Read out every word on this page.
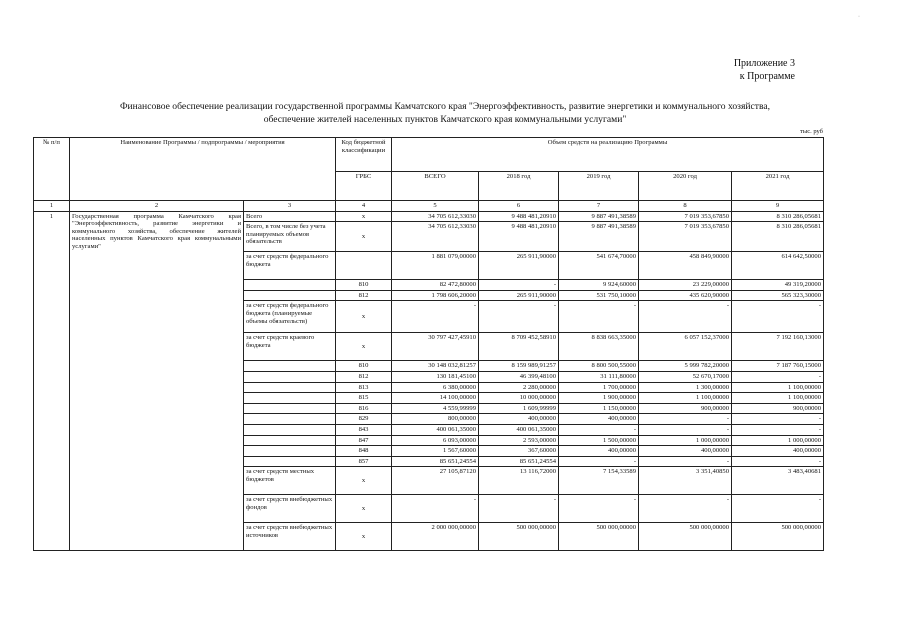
·
Приложение 3
к Программе
Финансовое обеспечение реализации государственной программы Камчатского края "Энергоэффективность, развитие энергетики и коммунального хозяйства,
обеспечение жителей населенных пунктов Камчатского края коммунальными услугами"
тыс. руб
№ п/п	Наименование Программы / подпрограммы / мероприятия		Код бюджетной классификации	Объем средств на реализацию Программы				
			ГРБС	ВСЕГО	2018 год	2019 год	2020 год	2021 год
1	2	3	4	5	6	7	8	9
1	Государственная программа Камчатского края "Энергоэффективность, развитие энергетики и коммунального хозяйства, обеспечение жителей населенных пунктов Камчатского края коммунальными услугами"	Всего	x	34 705 612,33030	9 488 481,20910	9 887 491,38589	7 019 353,67850	8 310 286,05681
		Всего, в том числе без учета планируемых объемов обязательств	x	34 705 612,33030	9 488 481,20910	9 887 491,38589	7 019 353,67850	8 310 286,05681
		за счет средств федерального бюджета		1 881 079,00000	265 911,90000	541 674,70000	458 849,90000	614 642,50000
			810	82 472,80000	-	9 924,60000	23 229,00000	49 319,20000
			812	1 798 606,20000	265 911,90000	531 750,10000	435 620,90000	565 323,30000
		за счет средств федерального бюджета (планируемые объемы обязательств)	x	-	-	-	-	-
		за счет средств краевого бюджета	x	30 797 427,45910	8 709 452,58910	8 838 663,35000	6 057 152,37000	7 192 160,13000
			810	30 148 032,81257	8 159 989,91257	8 800 500,55000	5 999 782,20000	7 187 760,15000
			812	130 181,45100	46 399,48100	31 111,80000	52 670,17000	-
			813	6 380,00000	2 280,00000	1 700,00000	1 300,00000	1 100,00000
			815	14 100,00000	10 000,00000	1 900,00000	1 100,00000	1 100,00000
			816	4 559,99999	1 609,99999	1 150,00000	900,00000	900,00000
			829	800,00000	400,00000	400,00000	-	-
			843	400 061,35000	400 061,35000	-	-	-
			847	6 093,00000	2 593,00000	1 500,00000	1 000,00000	1 000,00000
			848	1 567,60000	367,60000	400,00000	400,00000	400,00000
			857	85 651,24554	85 651,24554	-	-	-
		за счет средств местных бюджетов	x	27 105,87120	13 116,72000	7 154,33589	3 351,40850	3 483,40681
		за счет средств внебюджетных фондов	x	-	-	-	-	-
		за счет средств внебюджетных источников	x	2 000 000,00000	500 000,00000	500 000,00000	500 000,00000	500 000,00000
